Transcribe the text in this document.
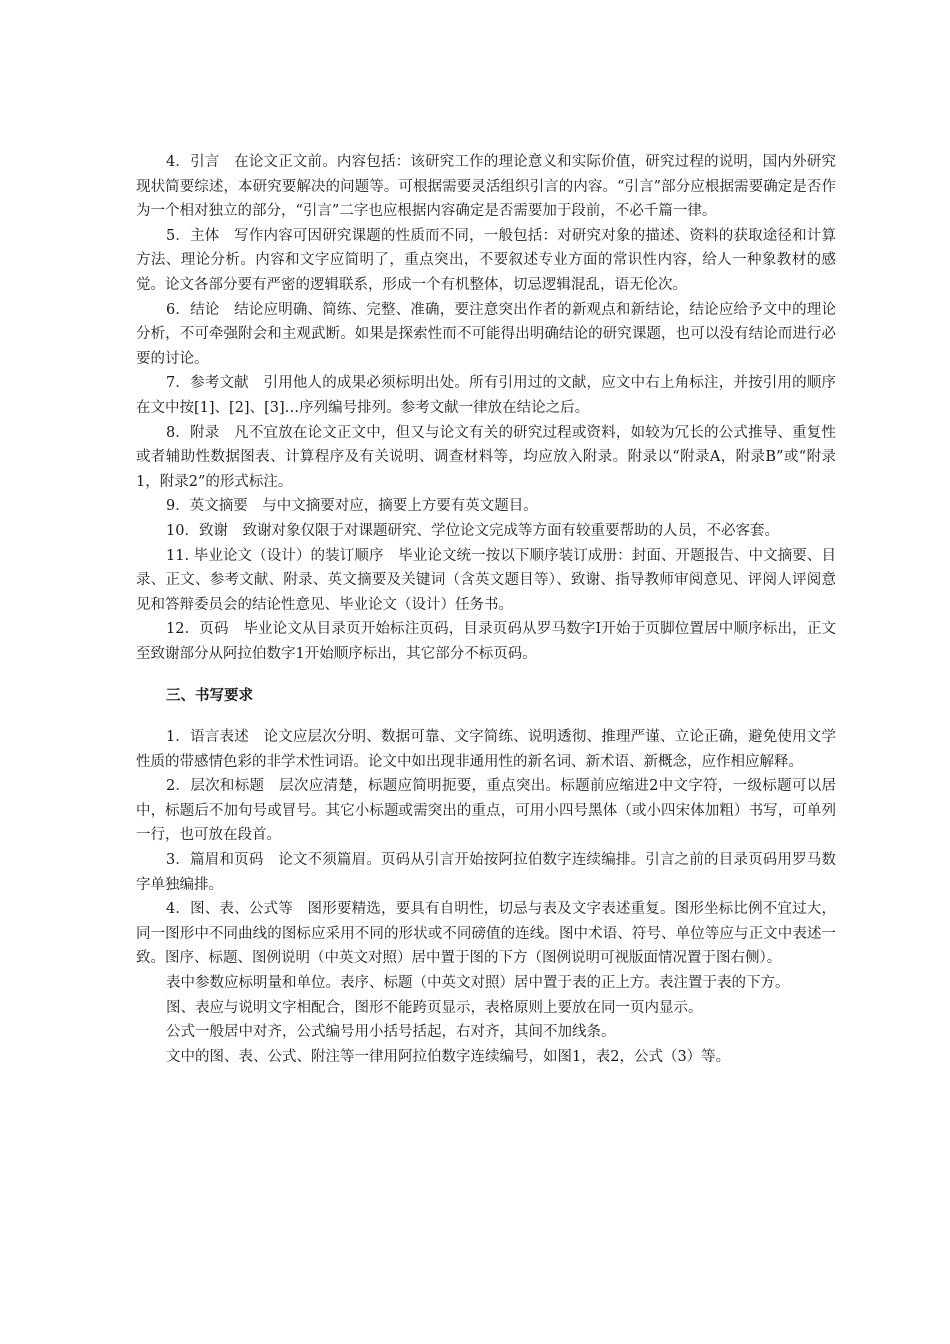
4．引言　在论文正文前。内容包括：该研究工作的理论意义和实际价值，研究过程的说明，国内外研究现状简要综述，本研究要解决的问题等。可根据需要灵活组织引言的内容。“引言”部分应根据需要确定是否作为一个相对独立的部分，“引言”二字也应根据内容确定是否需要加于段前，不必千篇一律。

5．主体　写作内容可因研究课题的性质而不同，一般包括：对研究对象的描述、资料的获取途径和计算方法、理论分析。内容和文字应简明了，重点突出，不要叙述专业方面的常识性内容，给人一种象教材的感觉。论文各部分要有严密的逻辑联系，形成一个有机整体，切忌逻辑混乱，语无伦次。

6．结论　结论应明确、简练、完整、准确，要注意突出作者的新观点和新结论，结论应给予文中的理论分析，不可牵强附会和主观武断。如果是探索性而不可能得出明确结论的研究课题，也可以没有结论而进行必要的讨论。

7．参考文献　引用他人的成果必须标明出处。所有引用过的文献，应文中右上角标注，并按引用的顺序在文中按[1]、[2]、[3]…序列编号排列。参考文献一律放在结论之后。

8．附录　凡不宜放在论文正文中，但又与论文有关的研究过程或资料，如较为冗长的公式推导、重复性或者辅助性数据图表、计算程序及有关说明、调查材料等，均应放入附录。附录以“附录A，附录B”或“附录1，附录2”的形式标注。

9．英文摘要　与中文摘要对应，摘要上方要有英文题目。

10．致谢　致谢对象仅限于对课题研究、学位论文完成等方面有较重要帮助的人员，不必客套。

11. 毕业论文（设计）的装订顺序　毕业论文统一按以下顺序装订成册：封面、开题报告、中文摘要、目录、正文、参考文献、附录、英文摘要及关键词（含英文题目等）、致谢、指导教师审阅意见、评阅人评阅意见和答辩委员会的结论性意见、毕业论文（设计）任务书。

12．页码　毕业论文从目录页开始标注页码，目录页码从罗马数字Ⅰ开始于页脚位置居中顺序标出，正文至致谢部分从阿拉伯数字1开始顺序标出，其它部分不标页码。

三、书写要求

1．语言表述　论文应层次分明、数据可靠、文字简练、说明透彻、推理严谨、立论正确，避免使用文学性质的带感情色彩的非学术性词语。论文中如出现非通用性的新名词、新术语、新概念，应作相应解释。

2．层次和标题　层次应清楚，标题应简明扼要，重点突出。标题前应缩进2中文字符，一级标题可以居中，标题后不加句号或冒号。其它小标题或需突出的重点，可用小四号黑体（或小四宋体加粗）书写，可单列一行，也可放在段首。

3．篇眉和页码　论文不须篇眉。页码从引言开始按阿拉伯数字连续编排。引言之前的目录页码用罗马数字单独编排。

4．图、表、公式等　图形要精选，要具有自明性，切忌与表及文字表述重复。图形坐标比例不宜过大，同一图形中不同曲线的图标应采用不同的形状或不同磅值的连线。图中术语、符号、单位等应与正文中表述一致。图序、标题、图例说明（中英文对照）居中置于图的下方（图例说明可视版面情况置于图右侧）。

表中参数应标明量和单位。表序、标题（中英文对照）居中置于表的正上方。表注置于表的下方。

图、表应与说明文字相配合，图形不能跨页显示，表格原则上要放在同一页内显示。

公式一般居中对齐，公式编号用小括号括起，右对齐，其间不加线条。

文中的图、表、公式、附注等一律用阿拉伯数字连续编号，如图1，表2，公式（3）等。
